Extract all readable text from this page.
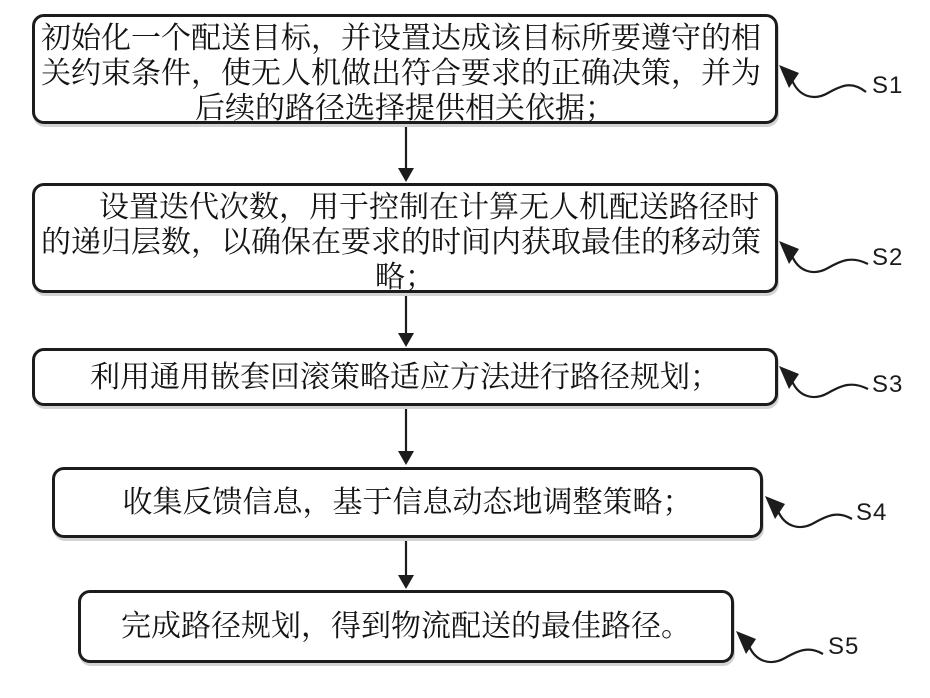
初始化一个配送目标，并设置达成该目标所要遵守的相
关约束条件，使无人机做出符合要求的正确决策，并为
后续的路径选择提供相关依据；
设置迭代次数，用于控制在计算无人机配送路径时
的递归层数，以确保在要求的时间内获取最佳的移动策
略；
利用通用嵌套回滚策略适应方法进行路径规划；
收集反馈信息，基于信息动态地调整策略；
完成路径规划，得到物流配送的最佳路径。
S1
S2
S3
S4
S5
